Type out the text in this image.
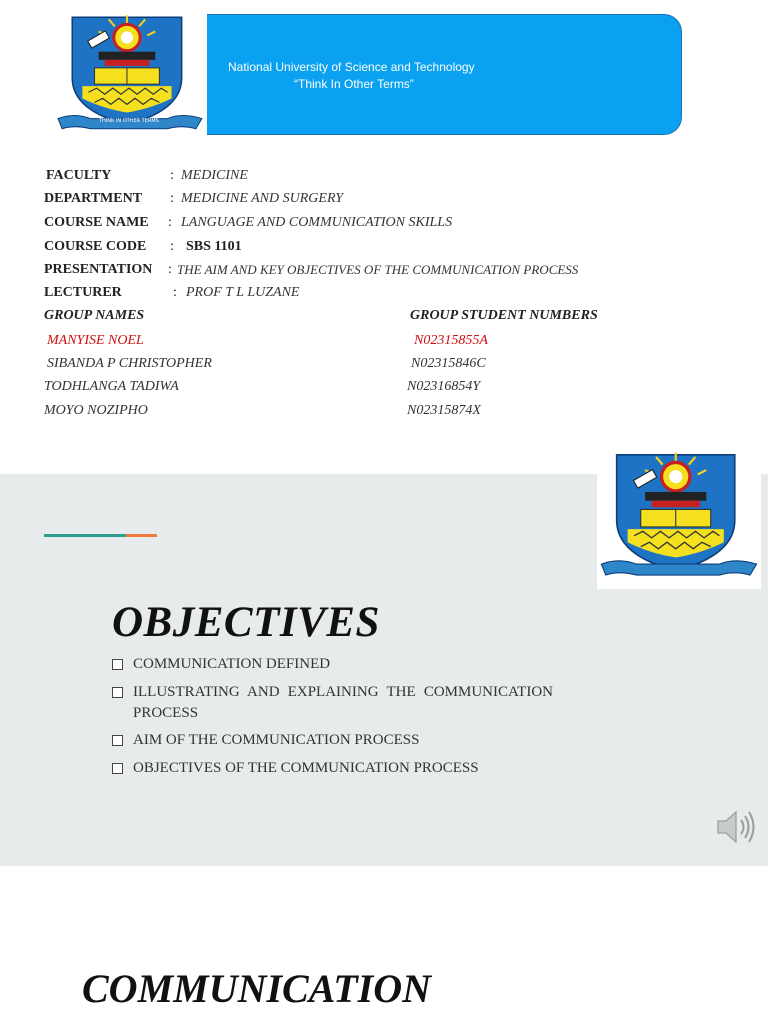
THINK IN OTHER TERMS
National University of Science and Technology
“Think In Other Terms”
FACULTY	: MEDICINE
DEPARTMENT : MEDICINE AND SURGERY
COURSE NAME : LANGUAGE AND COMMUNICATION SKILLS
COURSE CODE : SBS 1101
PRESENTATION : THE AIM AND KEY OBJECTIVES OF THE COMMUNICATION PROCESS
LECTURER	: PROF T L LUZANE
GROUP NAMES	GROUP STUDENT NUMBERS
MANYISE NOEL	N02315855A
SIBANDA P CHRISTOPHER	N02315846C
TODHLANGA TADIWA	N02316854Y
MOYO NOZIPHO	N02315874X
OBJECTIVES
COMMUNICATION DEFINED
ILLUSTRATING AND EXPLAINING THE COMMUNICATION PROCESS
AIM OF THE COMMUNICATION PROCESS
OBJECTIVES OF THE COMMUNICATION PROCESS
COMMUNICATION
